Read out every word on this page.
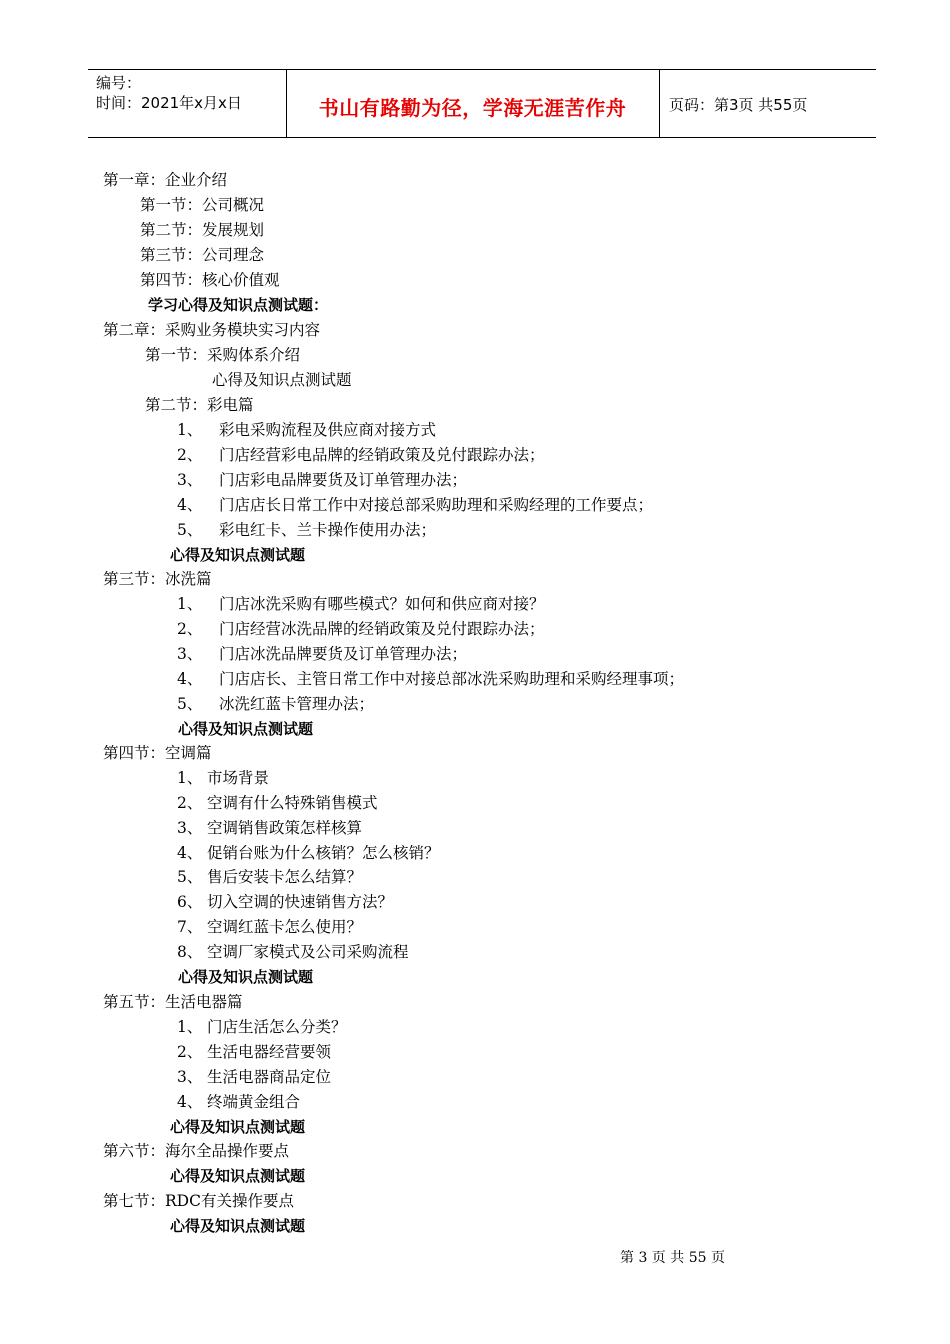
编号：
时间：2021年x月x日	书山有路勤为径，学海无涯苦作舟	页码：第3页 共55页
第一章：企业介绍
第一节：公司概况
第二节：发展规划
第三节：公司理念
第四节：核心价值观
学习心得及知识点测试题：
第二章：采购业务模块实习内容
第一节：采购体系介绍
心得及知识点测试题
第二节：彩电篇
1、 彩电采购流程及供应商对接方式
2、 门店经营彩电品牌的经销政策及兑付跟踪办法；
3、 门店彩电品牌要货及订单管理办法；
4、 门店店长日常工作中对接总部采购助理和采购经理的工作要点；
5、 彩电红卡、兰卡操作使用办法；
心得及知识点测试题
第三节：冰洗篇
1、 门店冰洗采购有哪些模式？如何和供应商对接？
2、 门店经营冰洗品牌的经销政策及兑付跟踪办法；
3、 门店冰洗品牌要货及订单管理办法；
4、 门店店长、主管日常工作中对接总部冰洗采购助理和采购经理事项；
5、 冰洗红蓝卡管理办法；
心得及知识点测试题
第四节：空调篇
1、 市场背景
2、 空调有什么特殊销售模式
3、 空调销售政策怎样核算
4、 促销台账为什么核销？怎么核销？
5、 售后安装卡怎么结算？
6、 切入空调的快速销售方法？
7、 空调红蓝卡怎么使用？
8、 空调厂家模式及公司采购流程
心得及知识点测试题
第五节：生活电器篇
1、 门店生活怎么分类？
2、 生活电器经营要领
3、 生活电器商品定位
4、 终端黄金组合
心得及知识点测试题
第六节：海尔全品操作要点
心得及知识点测试题
第七节：RDC有关操作要点
心得及知识点测试题
第 3 页 共 55 页
